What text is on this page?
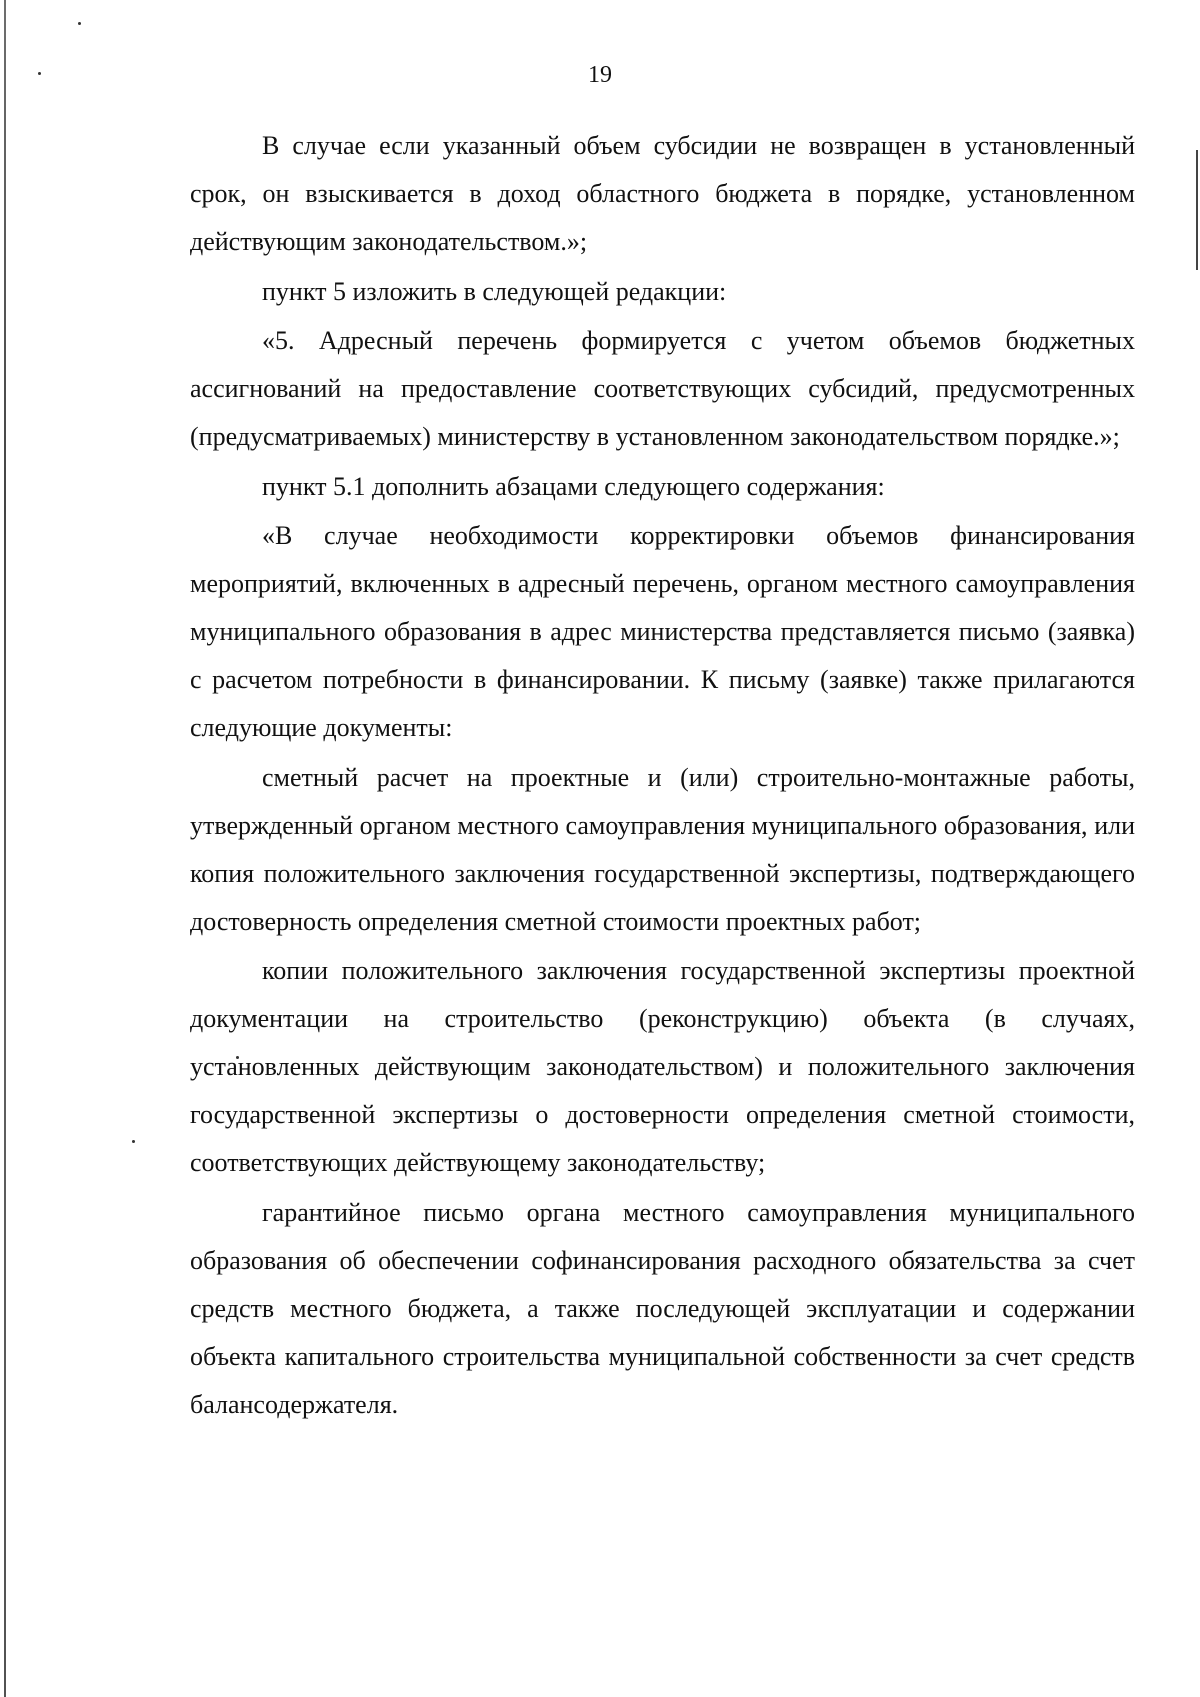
19

В случае если указанный объем субсидии не возвращен в установленный срок, он взыскивается в доход областного бюджета в порядке, установленном действующим законодательством.»;

пункт 5 изложить в следующей редакции:

«5. Адресный перечень формируется с учетом объемов бюджетных ассигнований на предоставление соответствующих субсидий, предусмотренных (предусматриваемых) министерству в установленном законодательством порядке.»;

пункт 5.1 дополнить абзацами следующего содержания:

«В случае необходимости корректировки объемов финансирования мероприятий, включенных в адресный перечень, органом местного самоуправления муниципального образования в адрес министерства представляется письмо (заявка) с расчетом потребности в финансировании. К письму (заявке) также прилагаются следующие документы:

сметный расчет на проектные и (или) строительно-монтажные работы, утвержденный органом местного самоуправления муниципального образования, или копия положительного заключения государственной экспертизы, подтверждающего достоверность определения сметной стоимости проектных работ;

копии положительного заключения государственной экспертизы проектной документации на строительство (реконструкцию) объекта (в случаях, установленных действующим законодательством) и положительного заключения государственной экспертизы о достоверности определения сметной стоимости, соответствующих действующему законодательству;

гарантийное письмо органа местного самоуправления муниципального образования об обеспечении софинансирования расходного обязательства за счет средств местного бюджета, а также последующей эксплуатации и содержании объекта капитального строительства муниципальной собственности за счет средств балансодержателя.
